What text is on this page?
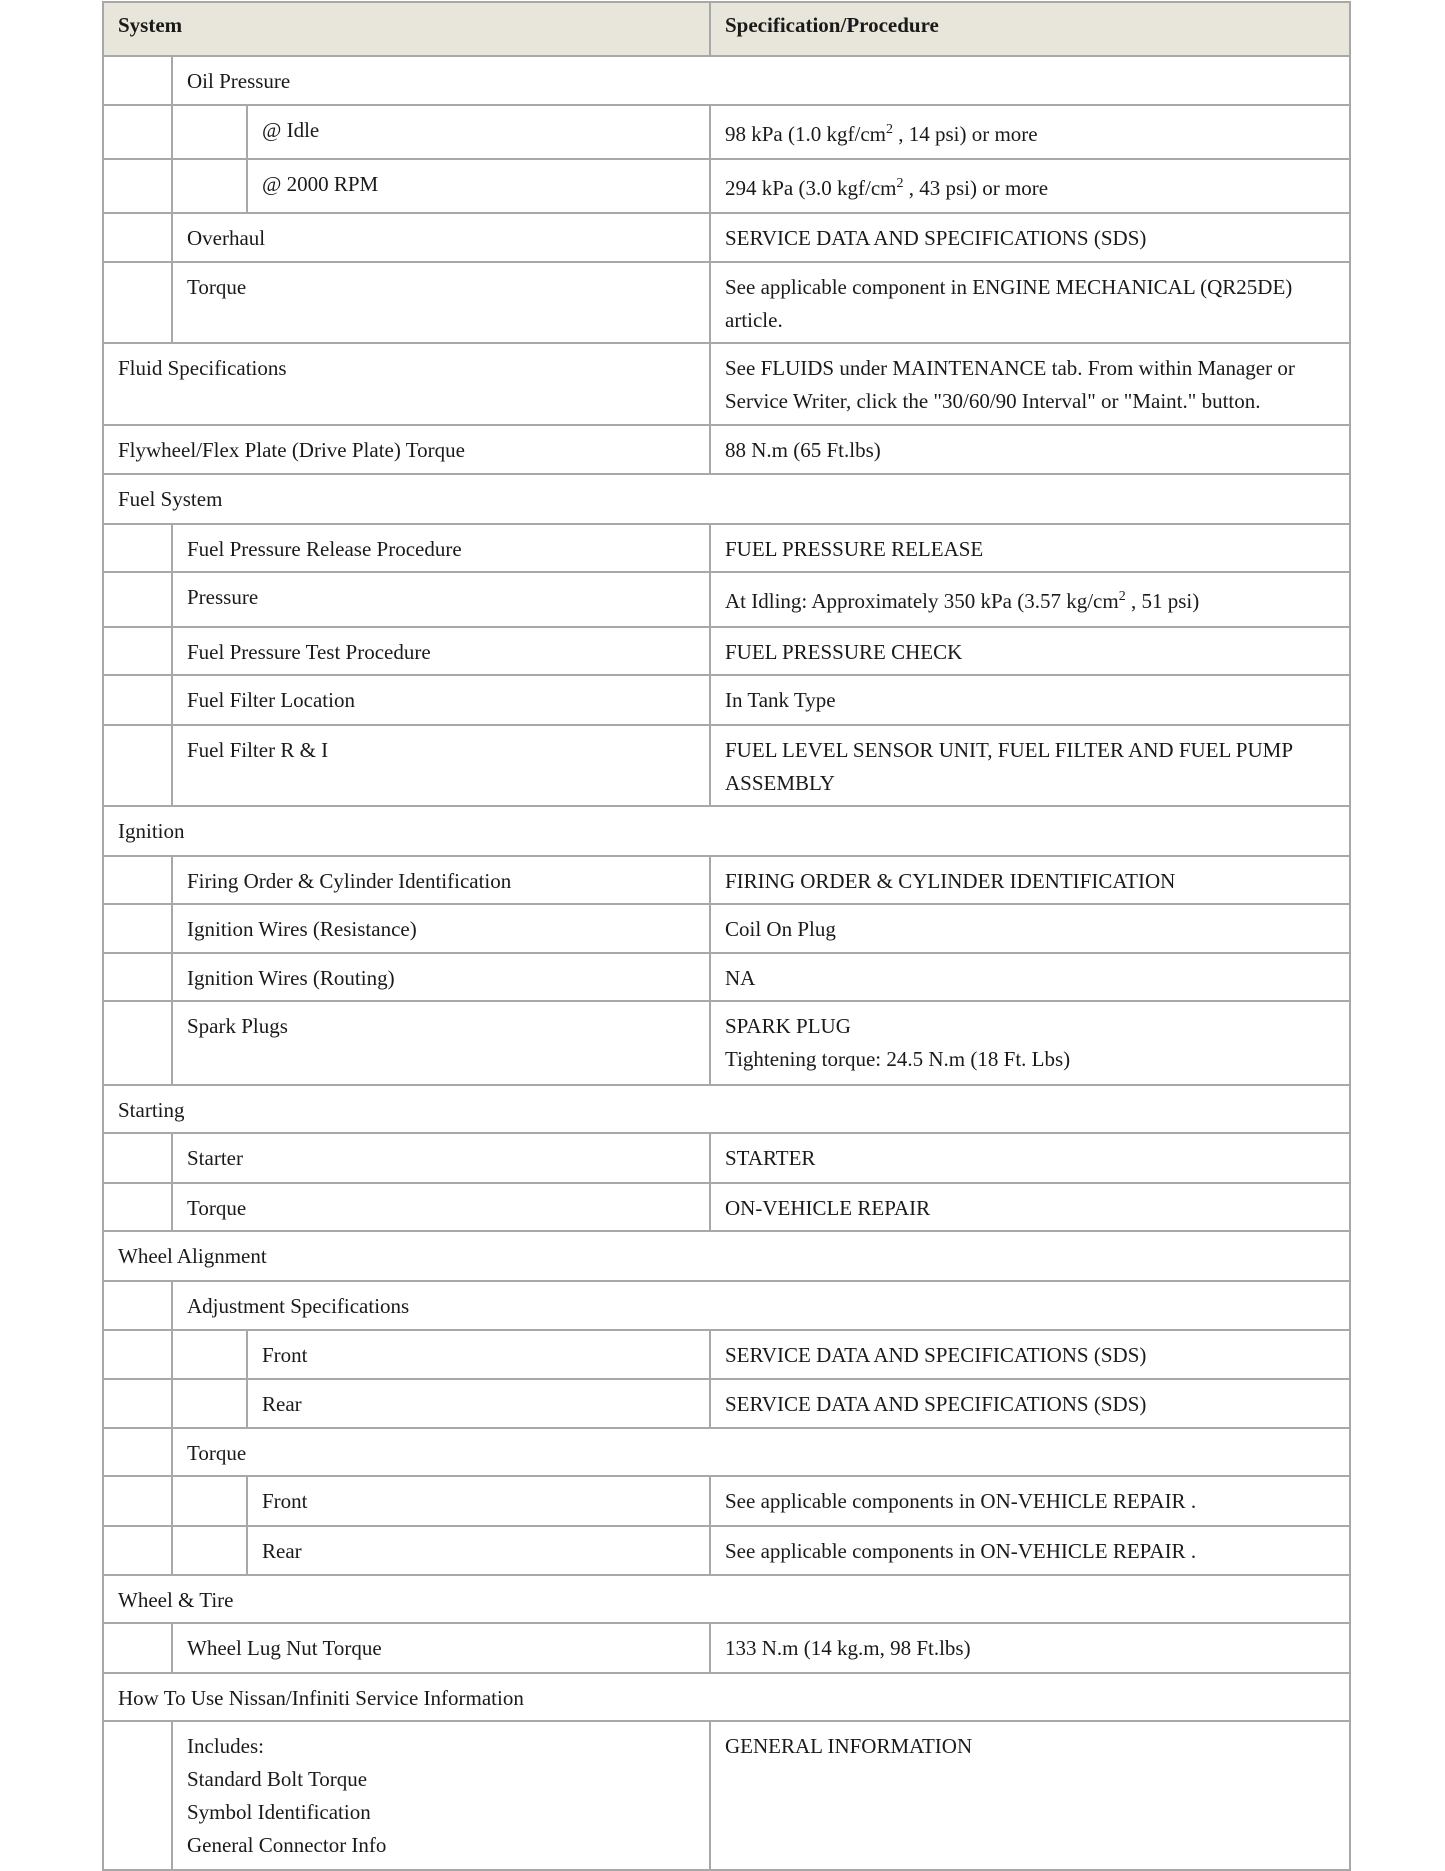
System			Specification/Procedure
	Oil Pressure		
		@ Idle	98 kPa (1.0 kgf/$cm^2$ , 14 psi) or more
		@ 2000 RPM	294 kPa (3.0 kgf/$cm^2$ , 43 psi) or more
	Overhaul		SERVICE DATA AND SPECIFICATIONS (SDS)
	Torque		See applicable component in ENGINE MECHANICAL (QR25DE) article.
Fluid Specifications			See FLUIDS under MAINTENANCE tab. From within Manager or Service Writer, click the "30/60/90 Interval" or "Maint." button.
Flywheel/Flex Plate (Drive Plate) Torque			88 N.m (65 Ft.lbs)
Fuel System			
	Fuel Pressure Release Procedure		FUEL PRESSURE RELEASE
	Pressure		At Idling: Approximately 350 kPa (3.57 $kg/cm^2$ , 51 psi)
	Fuel Pressure Test Procedure		FUEL PRESSURE CHECK
	Fuel Filter Location		In Tank Type
	Fuel Filter R & I		FUEL LEVEL SENSOR UNIT, FUEL FILTER AND FUEL PUMP ASSEMBLY
Ignition			
	Firing Order & Cylinder Identification		FIRING ORDER & CYLINDER IDENTIFICATION
	Ignition Wires (Resistance)		Coil On Plug
	Ignition Wires (Routing)		NA
	Spark Plugs		SPARK PLUG
Tightening torque: 24.5 N.m (18 Ft. Lbs)

Starting			
	Starter		STARTER
	Torque		ON-VEHICLE REPAIR
Wheel Alignment			
	Adjustment Specifications		
		Front	SERVICE DATA AND SPECIFICATIONS (SDS)
		Rear	SERVICE DATA AND SPECIFICATIONS (SDS)
	Torque		
		Front	See applicable components in ON-VEHICLE REPAIR .
		Rear	See applicable components in ON-VEHICLE REPAIR .
Wheel & Tire			
	Wheel Lug Nut Torque		133 N.m (14 kg.m, 98 Ft.lbs)
How To Use Nissan/Infiniti Service Information			

	Includes:
Standard Bolt Torque
Symbol Identification
General Connector Info		GENERAL INFORMATION
